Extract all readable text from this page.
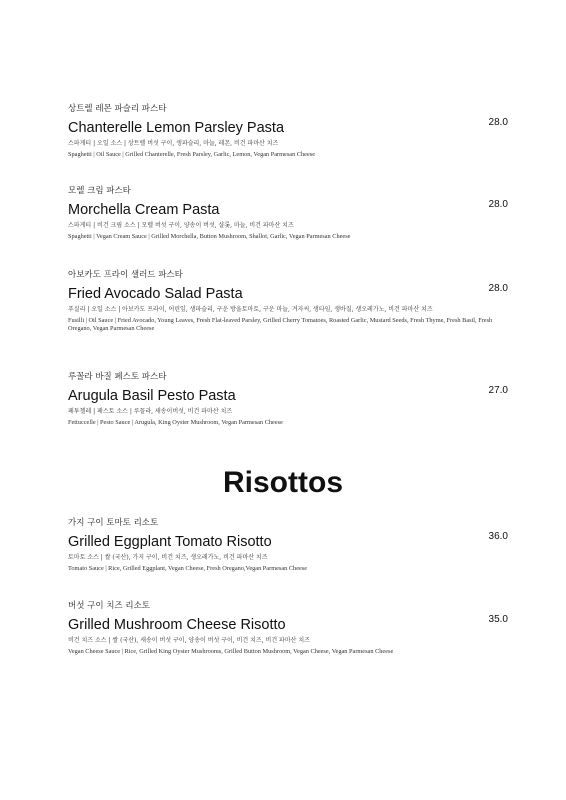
상트렐 레몬 파슬리 파스타

Chanterelle Lemon Parsley Pasta	28.0

스파게티 | 오일 소스 | 상트렐 버섯 구이, 생파슬리, 마늘, 레몬, 비건 파마산 치즈

Spaghetti | Oil Sauce | Grilled Chanterelle, Fresh Parsley, Garlic, Lemon, Vegan Parmesan Cheese

모렐 크림 파스타

Morchella Cream Pasta	28.0

스파게티 | 비건 크림 소스 | 모렐 버섯 구이, 양송이 버섯, 샬롯, 마늘, 비건 파마산 치즈

Spaghetti | Vegan Cream Sauce | Grilled Morchella, Button Mushroom, Shallot, Garlic, Vegan Parmesan Cheese

아보카도 프라이 샐러드 파스타

Fried Avocado Salad Pasta	28.0

푸실리 | 오일 소스 | 아보카도 프라이, 어린잎, 생파슬리, 구운 방울토마토, 구운 마늘, 겨자씨, 생타임, 생바질, 생오레가노, 비건 파마산 치즈

Fusilli | Oil Sauce | Fried Avocado, Young Leaves, Fresh Flat-leaved Parsley, Grilled Cherry Tomatoes, Roasted Garlic, Mustard Seeds, Fresh Thyme, Fresh Basil, Fresh Oregano, Vegan Parmesan Cheese

루꼴라 바질 페스토 파스타

Arugula Basil Pesto Pasta	27.0

페투첼레 | 페스토 소스 | 루꼴라, 새송이버섯, 비건 파마산 치즈

Fettuccelle | Pesto Sauce | Arugula, King Oyster Mushroom, Vegan Parmesan Cheese

Risottos

가지 구이 토마토 리소토

Grilled Eggplant Tomato Risotto	36.0

토마토 소스 | 쌀 (국산), 가지 구이, 비건 치즈, 생오레가노, 비건 파마산 치즈

Tomato Sauce | Rice, Grilled Eggplant, Vegan Cheese, Fresh Oregano,Vegan Parmesan Cheese

버섯 구이 치즈 리소토

Grilled Mushroom Cheese Risotto	35.0

비건 치즈 소스 | 쌀 (국산), 새송이 버섯 구이, 양송이 버섯 구이, 비건 치즈, 비건 파마산 치즈

Vegan Cheese Sauce | Rice, Grilled King Oyster Mushrooms, Grilled Button Mushroom, Vegan Cheese, Vegan Parmesan Cheese
